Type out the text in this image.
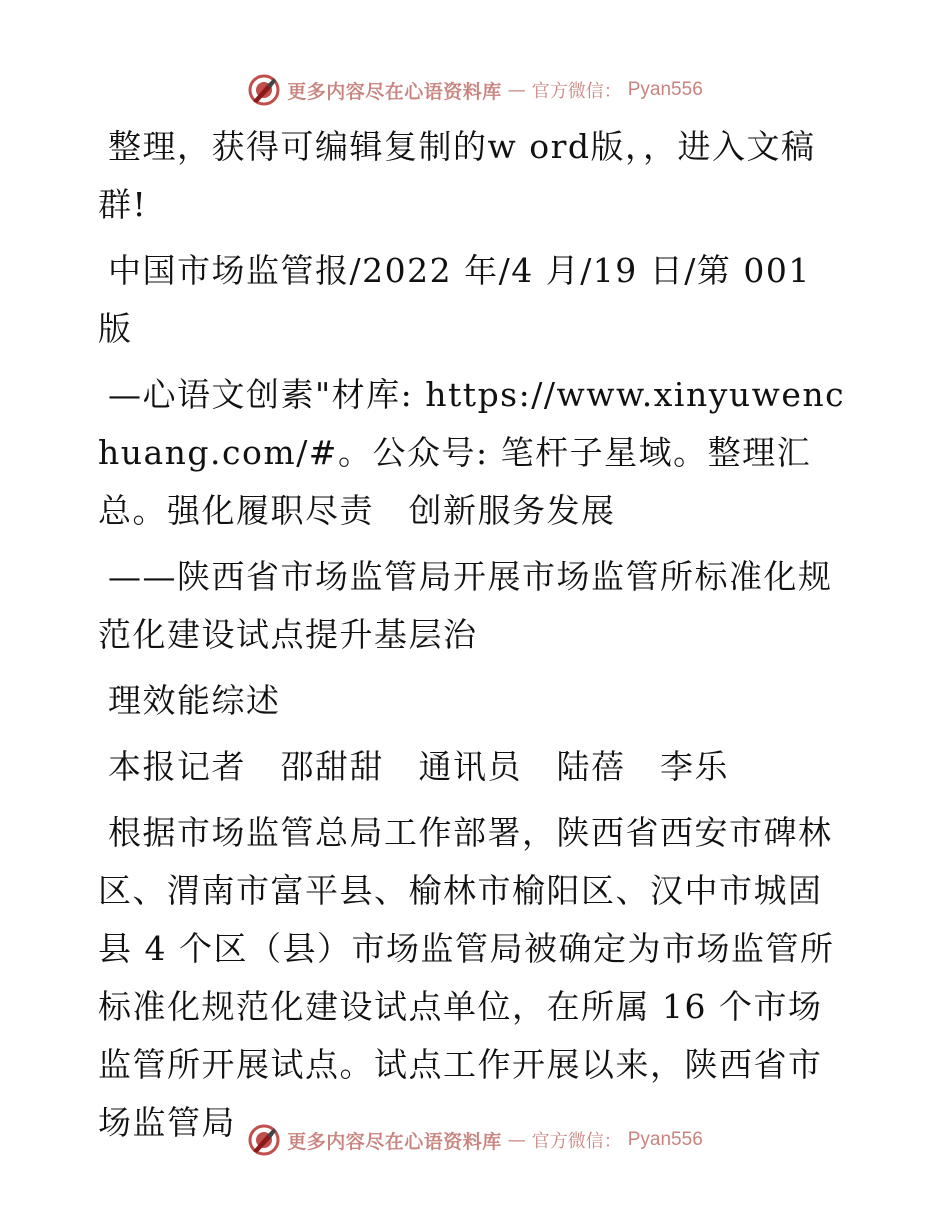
更多内容尽在心语资料库 — 官方微信： Pyan556

整理，获得可编辑复制的w ord版，，进入文稿群!

中国市场监管报/2022 年/4 月/19 日/第 001 版

—心语文创素"材库: https://www.xinyuwenchuang.com/#。公众号: 笔杆子星域。整理汇总。强化履职尽责　创新服务发展

——陕西省市场监管局开展市场监管所标准化规范化建设试点提升基层治

理效能综述

本报记者　邵甜甜　通讯员　陆蓓　李乐

根据市场监管总局工作部署，陕西省西安市碑林区、渭南市富平县、榆林市榆阳区、汉中市城固县 4 个区（县）市场监管局被确定为市场监管所标准化规范化建设试点单位，在所属 16 个市场监管所开展试点。试点工作开展以来，陕西省市场监管局	更多内容尽在心语资料库 — 官方微信： Pyan556
